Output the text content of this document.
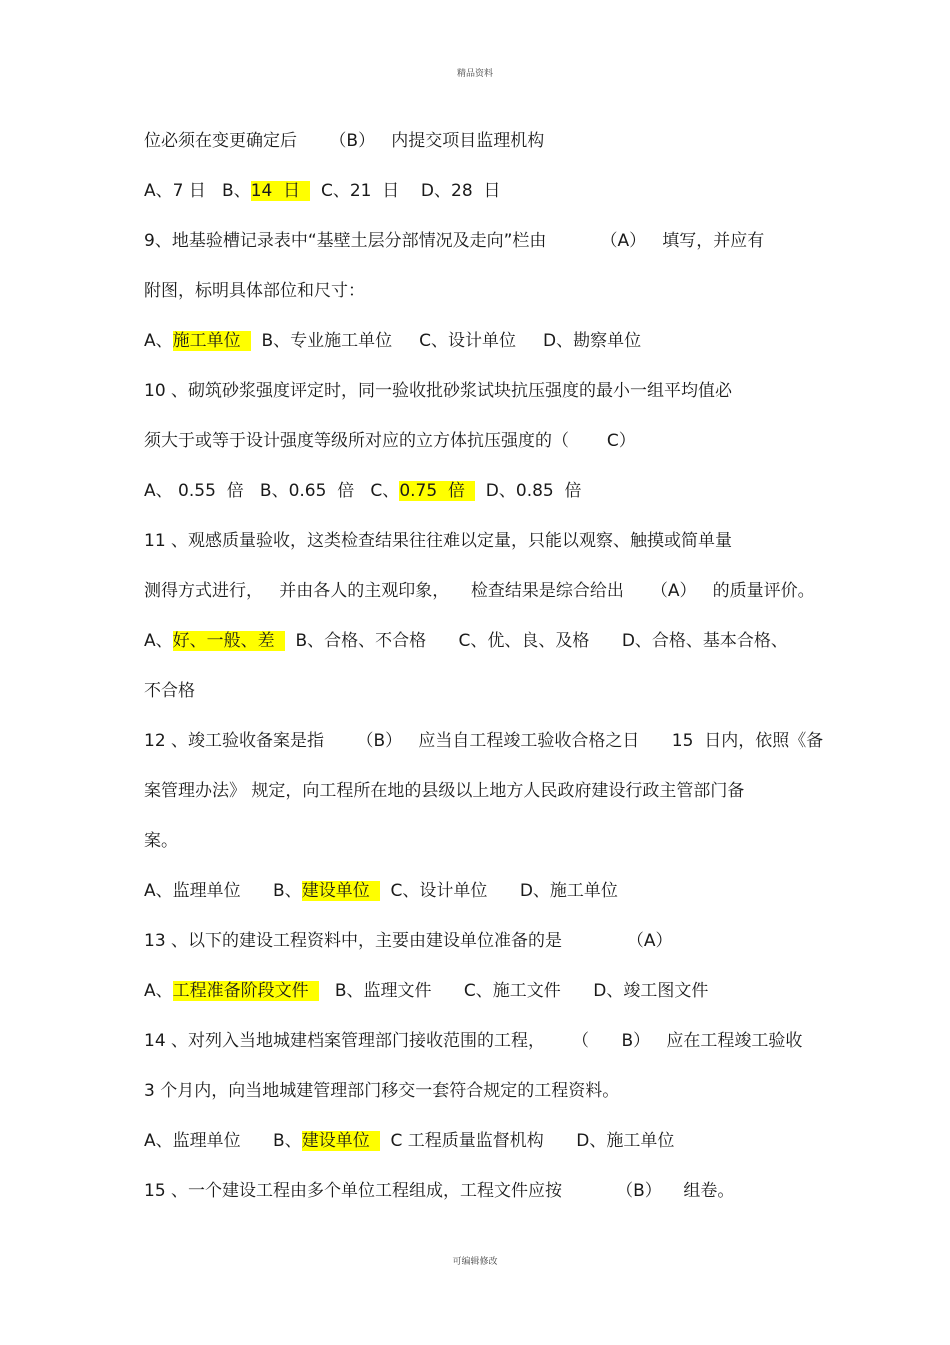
精品资料
位必须在变更确定后      （B）   内提交项目监理机构
A、7 日   B、14  日  C、21  日    D、28  日
9、地基验槽记录表中“基壁土层分部情况及走向”栏由          （A）   填写，并应有
附图，标明具体部位和尺寸：
A、施工单位  B、专业施工单位     C、设计单位     D、勘察单位
10 、砌筑砂浆强度评定时，同一验收批砂浆试块抗压强度的最小一组平均值必
须大于或等于设计强度等级所对应的立方体抗压强度的（       C）
A、 0.55  倍   B、0.65  倍   C、0.75  倍  D、0.85  倍
11 、观感质量验收，这类检查结果往往难以定量，只能以观察、触摸或简单量
测得方式进行，   并由各人的主观印象，    检查结果是综合给出     （A）   的质量评价。
A、好、一般、差  B、合格、不合格      C、优、良、及格      D、合格、基本合格、
不合格
12 、竣工验收备案是指      （B）   应当自工程竣工验收合格之日      15  日内，依照《备
案管理办法》 规定，向工程所在地的县级以上地方人民政府建设行政主管部门备
案。
A、监理单位      B、建设单位  C、设计单位      D、施工单位
13 、以下的建设工程资料中，主要由建设单位准备的是            （A）
A、工程准备阶段文件   B、监理文件      C、施工文件      D、竣工图文件
14 、对列入当地城建档案管理部门接收范围的工程，     （      B）   应在工程竣工验收
3 个月内，向当地城建管理部门移交一套符合规定的工程资料。
A、监理单位      B、建设单位  C 工程质量监督机构      D、施工单位
15 、一个建设工程由多个单位工程组成，工程文件应按          （B）    组卷。
可编辑修改
